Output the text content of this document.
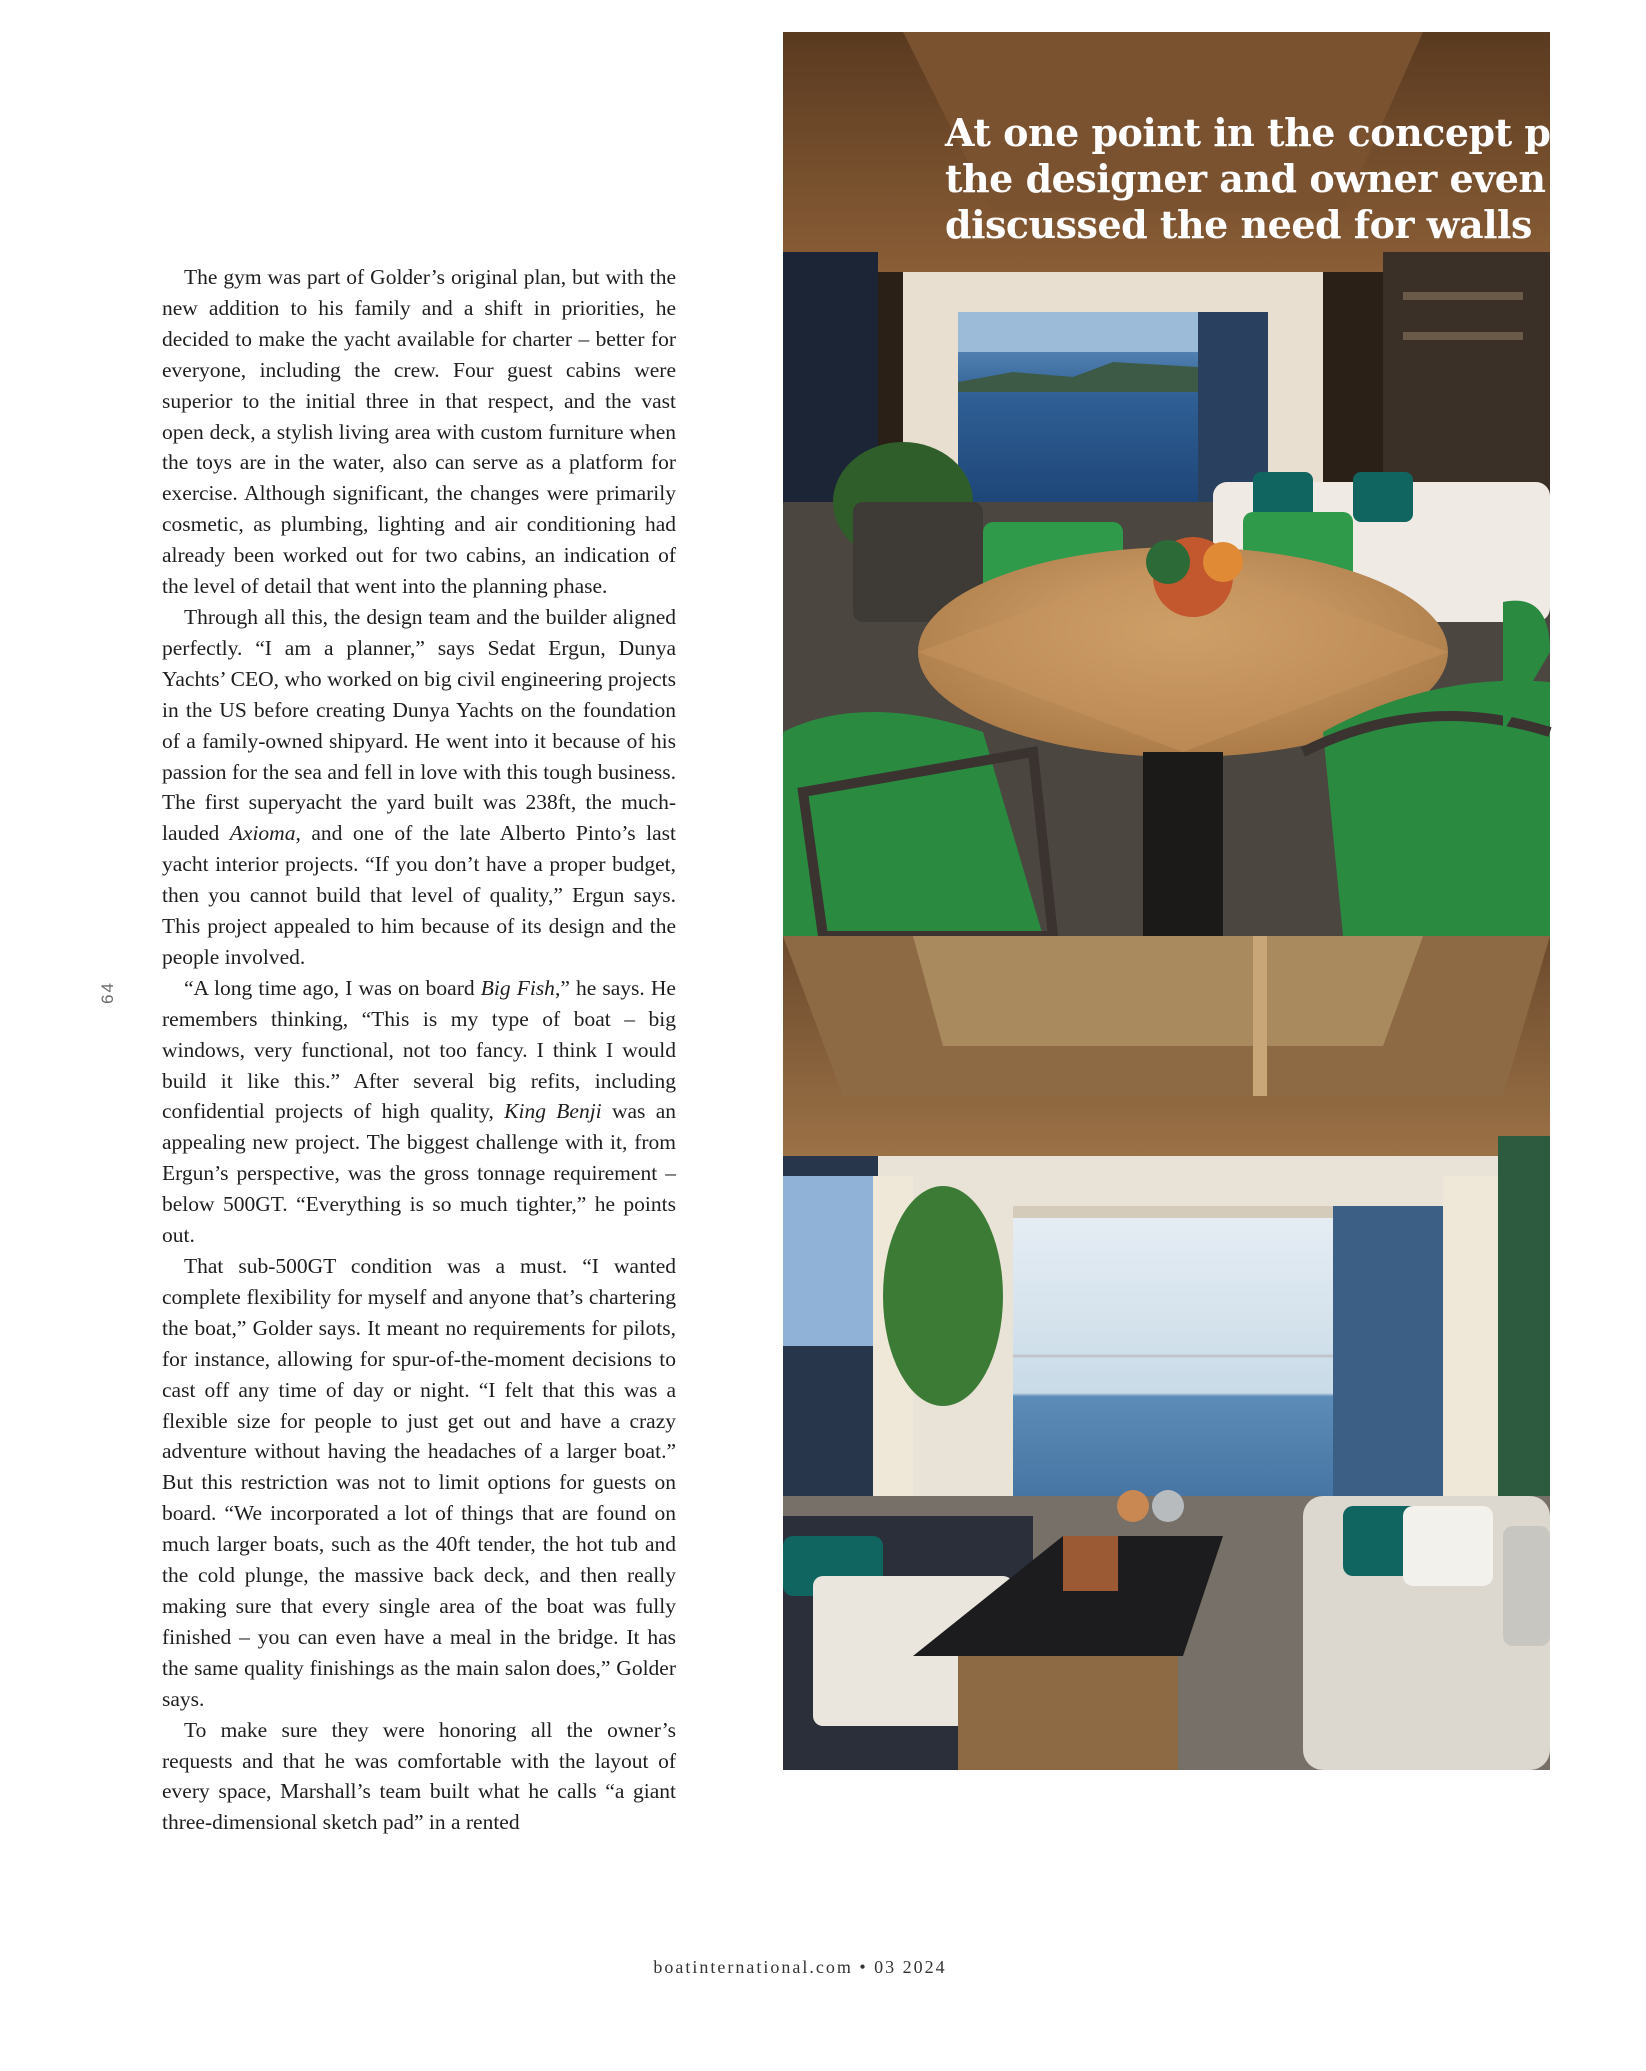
64

The gym was part of Golder’s original plan, but with the new addition to his family and a shift in priorities, he decided to make the yacht available for charter – better for everyone, including the crew. Four guest cabins were superior to the initial three in that respect, and the vast open deck, a stylish living area with custom furniture when the toys are in the water, also can serve as a platform for exercise. Although significant, the changes were primarily cosmetic, as plumbing, lighting and air conditioning had already been worked out for two cabins, an indication of the level of detail that went into the planning phase.

Through all this, the design team and the builder aligned perfectly. “I am a planner,” says Sedat Ergun, Dunya Yachts’ CEO, who worked on big civil engineering projects in the US before creating Dunya Yachts on the foundation of a family-owned shipyard. He went into it because of his passion for the sea and fell in love with this tough business. The first superyacht the yard built was 238ft, the much-lauded Axioma, and one of the late Alberto Pinto’s last yacht interior projects. “If you don’t have a proper budget, then you cannot build that level of quality,” Ergun says. This project appealed to him because of its design and the people involved.

“A long time ago, I was on board Big Fish,” he says. He remembers thinking, “This is my type of boat – big windows, very functional, not too fancy. I think I would build it like this.” After several big refits, including confidential projects of high quality, King Benji was an appealing new project. The biggest challenge with it, from Ergun’s perspective, was the gross tonnage requirement – below 500GT. “Everything is so much tighter,” he points out.

That sub-500GT condition was a must. “I wanted complete flexibility for myself and anyone that’s chartering the boat,” Golder says. It meant no requirements for pilots, for instance, allowing for spur-of-the-moment decisions to cast off any time of day or night. “I felt that this was a flexible size for people to just get out and have a crazy adventure without having the headaches of a larger boat.” But this restriction was not to limit options for guests on board. “We incorporated a lot of things that are found on much larger boats, such as the 40ft tender, the hot tub and the cold plunge, the massive back deck, and then really making sure that every single area of the boat was fully finished – you can even have a meal in the bridge. It has the same quality finishings as the main salon does,” Golder says.

To make sure they were honoring all the owner’s requests and that he was comfortable with the layout of every space, Marshall’s team built what he calls “a giant three-dimensional sketch pad” in a rented

At one point in the concept phase
the designer and owner even
discussed the need for walls
boatinternational.com • 03 2024
